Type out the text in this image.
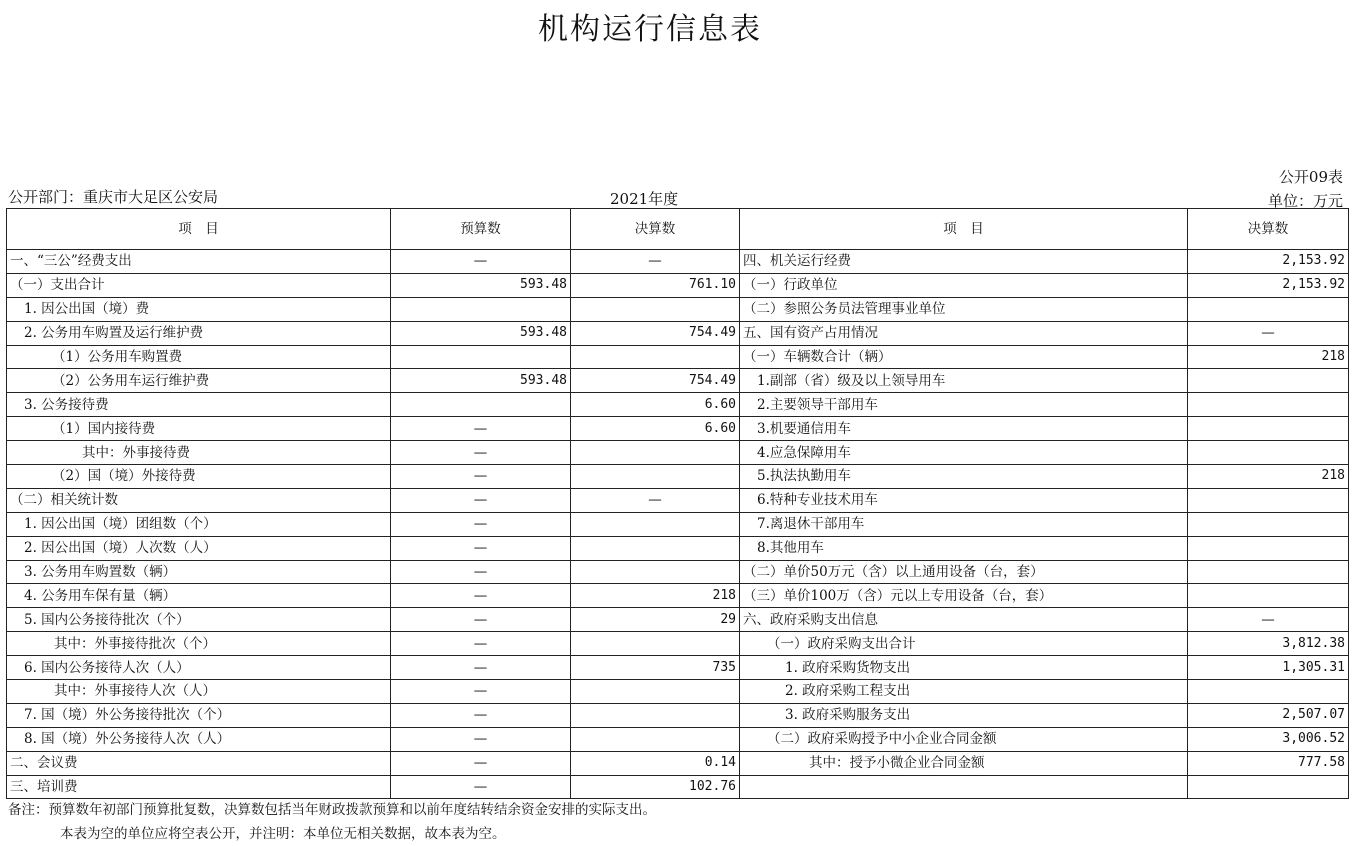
机构运行信息表
公开09表
公开部门：重庆市大足区公安局	2021年度	单位：万元
项　目	预算数	决算数	项　目	决算数
一、“三公”经费支出	—	—	四、机关运行经费	2,153.92
（一）支出合计	593.48	761.10	（一）行政单位	2,153.92
1. 因公出国（境）费			（二）参照公务员法管理事业单位	
2. 公务用车购置及运行维护费	593.48	754.49	五、国有资产占用情况	—
（1）公务用车购置费			（一）车辆数合计（辆）	218
（2）公务用车运行维护费	593.48	754.49	1.副部（省）级及以上领导用车	
3. 公务接待费		6.60	2.主要领导干部用车	
（1）国内接待费	—	6.60	3.机要通信用车	
其中：外事接待费	—		4.应急保障用车	
（2）国（境）外接待费	—		5.执法执勤用车	218
（二）相关统计数	—	—	6.特种专业技术用车	
1. 因公出国（境）团组数（个）	—		7.离退休干部用车	
2. 因公出国（境）人次数（人）	—		8.其他用车	
3. 公务用车购置数（辆）	—		（二）单价50万元（含）以上通用设备（台，套）	
4. 公务用车保有量（辆）	—	218	（三）单价100万（含）元以上专用设备（台，套）	
5. 国内公务接待批次（个）	—	29	六、政府采购支出信息	—
其中：外事接待批次（个）	—		（一）政府采购支出合计	3,812.38
6. 国内公务接待人次（人）	—	735	1. 政府采购货物支出	1,305.31
其中：外事接待人次（人）	—		2. 政府采购工程支出	
7. 国（境）外公务接待批次（个）	—		3. 政府采购服务支出	2,507.07
8. 国（境）外公务接待人次（人）	—		（二）政府采购授予中小企业合同金额	3,006.52
二、会议费	—	0.14	其中：授予小微企业合同金额	777.58
三、培训费	—	102.76		
备注：预算数年初部门预算批复数，决算数包括当年财政拨款预算和以前年度结转结余资金安排的实际支出。
本表为空的单位应将空表公开，并注明：本单位无相关数据，故本表为空。
